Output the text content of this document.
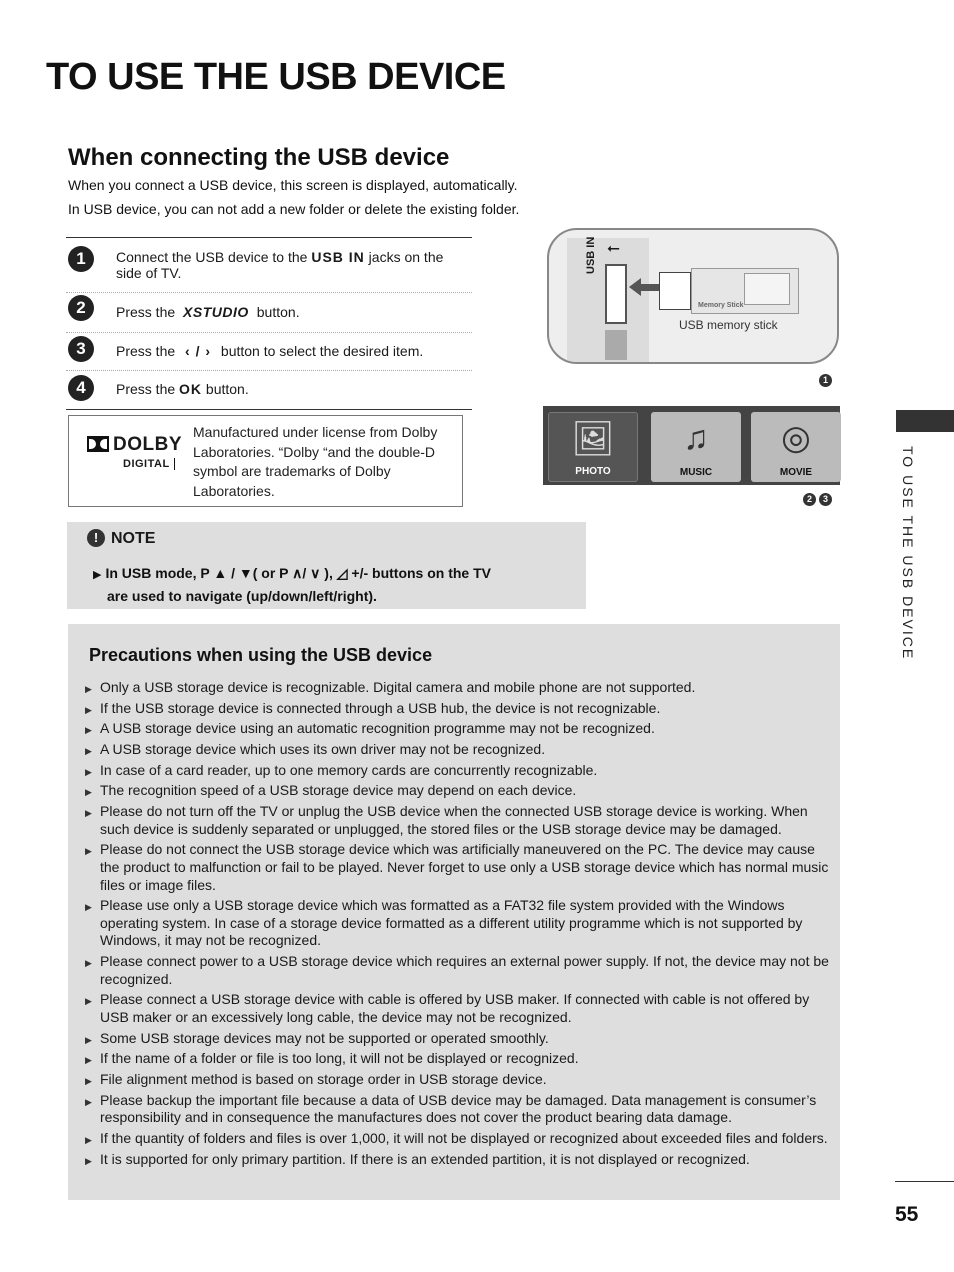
TO USE THE USB DEVICE
When connecting the USB device
When you connect a USB device, this screen is displayed, automatically.
In USB device, you can not add a new folder or delete the existing folder.
1	Connect the USB device to the USB IN jacks on the side of TV.
2	Press the XSTUDIO button.
3	Press the ‹ / › button to select the desired item.
4	Press the OK button.
DOLBY
DIGITAL
Manufactured under license from Dolby Laboratories. “Dolby “and the double-D symbol are trademarks of Dolby Laboratories.
⭠
USB IN
Memory Stick
USB memory stick
1
🖼
PHOTO
♫
MUSIC
◎
MOVIE
2 3
! NOTE
▶ In USB mode, P ▲ / ▼( or P ∧/ ∨ ), ◿ +/- buttons on the TV
are used to navigate (up/down/left/right).
Precautions when using the USB device
▶ Only a USB storage device is recognizable. Digital camera and mobile phone are not supported.
▶ If the USB storage device is connected through a USB hub, the device is not recognizable.
▶ A USB storage device using an automatic recognition programme may not be recognized.
▶ A USB storage device which uses its own driver may not be recognized.
▶ In case of a card reader, up to one memory cards are concurrently recognizable.
▶ The recognition speed of a USB storage device may depend on each device.
▶ Please do not turn off the TV or unplug the USB device when the connected USB storage device is working. When such device is suddenly separated or unplugged, the stored files or the USB storage device may be damaged.
▶ Please do not connect the USB storage device which was artificially maneuvered on the PC. The device may cause the product to malfunction or fail to be played. Never forget to use only a USB storage device which has normal music files or image files.
▶ Please use only a USB storage device which was formatted as a FAT32 file system provided with the Windows operating system. In case of a storage device formatted as a different utility programme which is not supported by Windows, it may not be recognized.
▶ Please connect power to a USB storage device which requires an external power supply. If not, the device may not be recognized.
▶ Please connect a USB storage device with cable is offered by USB maker. If connected with cable is not offered by USB maker or an excessively long cable, the device may not be recognized.
▶ Some USB storage devices may not be supported or operated smoothly.
▶ If the name of a folder or file is too long, it will not be displayed or recognized.
▶ File alignment method is based on storage order in USB storage device.
▶ Please backup the important file because a data of USB device may be damaged. Data management is consumer’s responsibility and in consequence the manufactures does not cover the product bearing data damage.
▶ If the quantity of folders and files is over 1,000, it will not be displayed or recognized about exceeded files and folders.
▶ It is supported for only primary partition. If there is an extended partition, it is not displayed or recognized.
TO USE THE USB DEVICE
55
